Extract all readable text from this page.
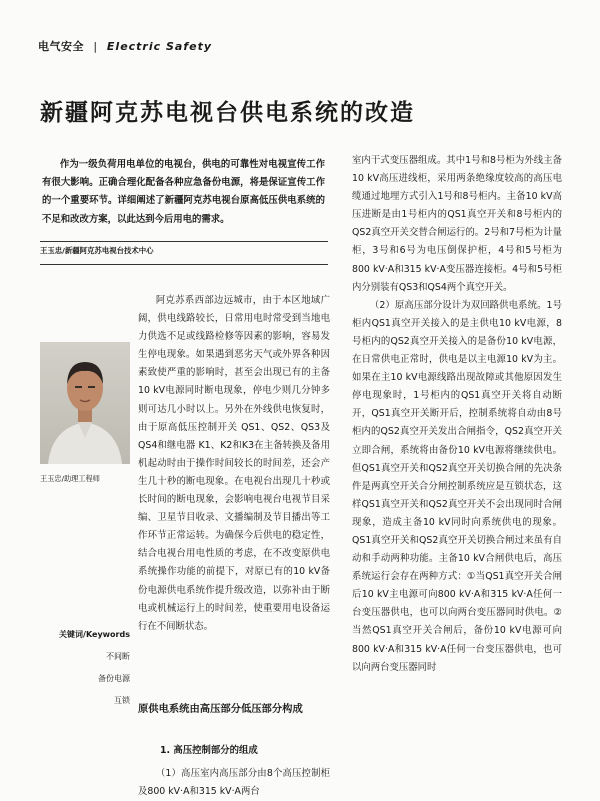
电气安全 | Electric Safety
新疆阿克苏电视台供电系统的改造
作为一级负荷用电单位的电视台，供电的可靠性对电视宣传工作有很大影响。正确合理化配备各种应急备份电源，将是保证宣传工作的一个重要环节。详细阐述了新疆阿克苏电视台原高低压供电系统的不足和改改方案，以此达到今后用电的需求。
王玉忠/新疆阿克苏电视台技术中心
王玉忠/助理工程师
阿克苏系西部边远城市，由于本区地域广阔，供电线路较长，日常用电时常受到当地电力供选不足或线路检修等因素的影响，容易发生停电现象。如果遇到恶劣天气或外界各种因素致使严重的影响时，甚至会出现已有的主备10 kV电源同时断电现象，停电少则几分钟多则可达几小时以上。另外在外线供电恢复时，由于原高低压控制开关 QS1、QS2、QS3及QS4和继电器 K1、K2和K3在主备转换及备用机起动时由于操作时间较长的时间差，还会产生几十秒的断电现象。在电视台出现几十秒或长时间的断电现象，会影响电视台电视节目采编、卫星节目收录、文播编制及节目播出等工作环节正常运转。为确保今后供电的稳定性，结合电视台用电性质的考虑，在不改变原供电系统操作功能的前提下，对原已有的10 kV备份电源供电系统作提升级改造，以弥补由于断电或机械运行上的时间差，使重要用电设备运行在不间断状态。
关键词/Keywords
不间断
备份电源
互锁
原供电系统由高压部分低压部分构成
1. 高压控制部分的组成
（1）高压室内高压部分由8个高压控制柜及800 kV·A和315 kV·A两台

室内干式变压器组成。其中1号和8号柜为外线主备10 kV高压进线柜，采用两条绝缘度较高的高压电缆通过地埋方式引入1号和8号柜内。主备10 kV高压进断是由1号柜内的QS1真空开关和8号柜内的QS2真空开关交替合闸运行的。2号和7号柜为计量柜，3号和6号为电压倒保护柜，4号和5号柜为800 kV·A和315 kV·A变压器连接柜。4号和5号柜内分别装有QS3和QS4两个真空开关。

（2）原高压部分设计为双回路供电系统。1号柜内QS1真空开关接入的是主供电10 kV电源，8号柜内的QS2真空开关接入的是备份10 kV电源，在日常供电正常时，供电是以主电源10 kV为主。如果在主10 kV电源线路出现故障或其他原因发生停电现象时，1号柜内的QS1真空开关将自动断开，QS1真空开关断开后，控制系统将自动由8号柜内的QS2真空开关发出合闸指令，QS2真空开关立即合闸，系统将由备份10 kV电源将继续供电。但QS1真空开关和QS2真空开关切换合闸的先决条件是两真空开关合分闸控制系统应是互锁状态，这样QS1真空开关和QS2真空开关不会出现同时合闸现象，造成主备10 kV同时向系统供电的现象。QS1真空开关和QS2真空开关切换合闸过来虽有自动和手动两种功能。主备10 kV合闸供电后，高压系统运行会存在两种方式：①当QS1真空开关合闸后10 kV主电源可向800 kV·A和315 kV·A任何一台变压器供电，也可以向两台变压器同时供电。②当然QS1真空开关合闸后，备份10 kV电源可向800 kV·A和315 kV·A任何一台变压器供电，也可以向两台变压器同时
